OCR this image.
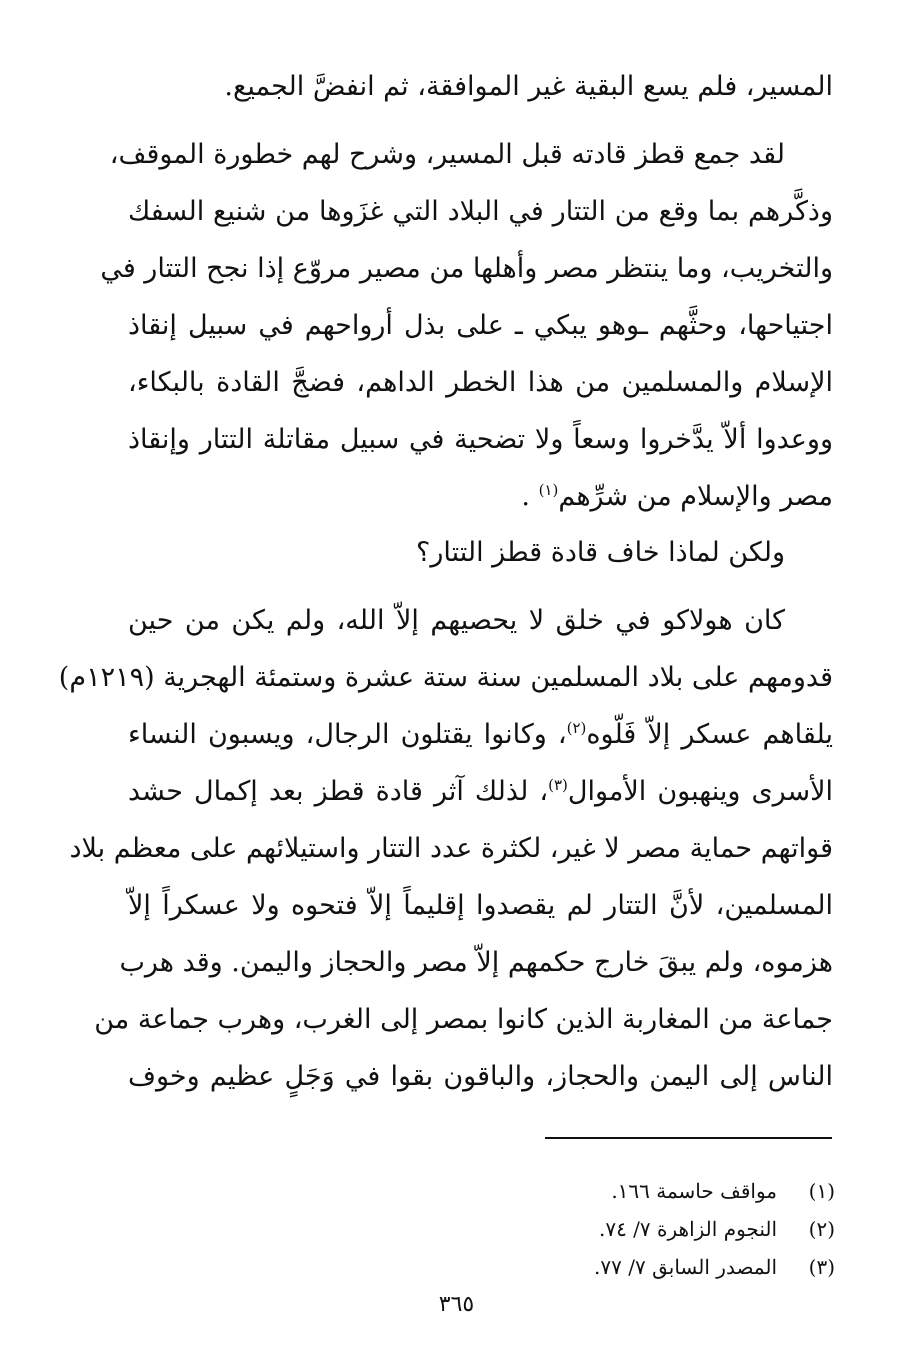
المسير، فلم يسع البقية غير الموافقة، ثم انفضَّ الجميع.
لقد جمع قطز قادته قبل المسير، وشرح لهم خطورة الموقف،
وذكَّرهم بما وقع من التتار في البلاد التي غزَوها من شنيع السفك
والتخريب، وما ينتظر مصر وأهلها من مصير مروّع إذا نجح التتار في
اجتياحها، وحثَّهم ـوهو يبكي ـ على بذل أرواحهم في سبيل إنقاذ
الإسلام والمسلمين من هذا الخطر الداهم، فضجَّ القادة بالبكاء،
ووعدوا ألاّ يدَّخروا وسعاً ولا تضحية في سبيل مقاتلة التتار وإنقاذ
مصر والإسلام من شرِّهم$^{(١)}$ .
ولكن لماذا خاف قادة قطز التتار؟
كان هولاكو في خلق لا يحصيهم إلاّ الله، ولم يكن من حين
قدومهم على بلاد المسلمين سنة ستة عشرة وستمئة الهجرية (١٢١٩م)
يلقاهم عسكر إلاّ فَلّوه$^{(٢)}$، وكانوا يقتلون الرجال، ويسبون النساء
الأسرى وينهبون الأموال$^{(٣)}$، لذلك آثر قادة قطز بعد إكمال حشد
قواتهم حماية مصر لا غير، لكثرة عدد التتار واستيلائهم على معظم بلاد
المسلمين، لأنَّ التتار لم يقصدوا إقليماً إلاّ فتحوه ولا عسكراً إلاّ
هزموه، ولم يبقَ خارج حكمهم إلاّ مصر والحجاز واليمن. وقد هرب
جماعة من المغاربة الذين كانوا بمصر إلى الغرب، وهرب جماعة من
الناس إلى اليمن والحجاز، والباقون بقوا في وَجَلٍ عظيم وخوف
(١)مواقف حاسمة ١٦٦.
(٢)النجوم الزاهرة ٧/ ٧٤.
(٣)المصدر السابق ٧/ ٧٧.
٣٦٥
